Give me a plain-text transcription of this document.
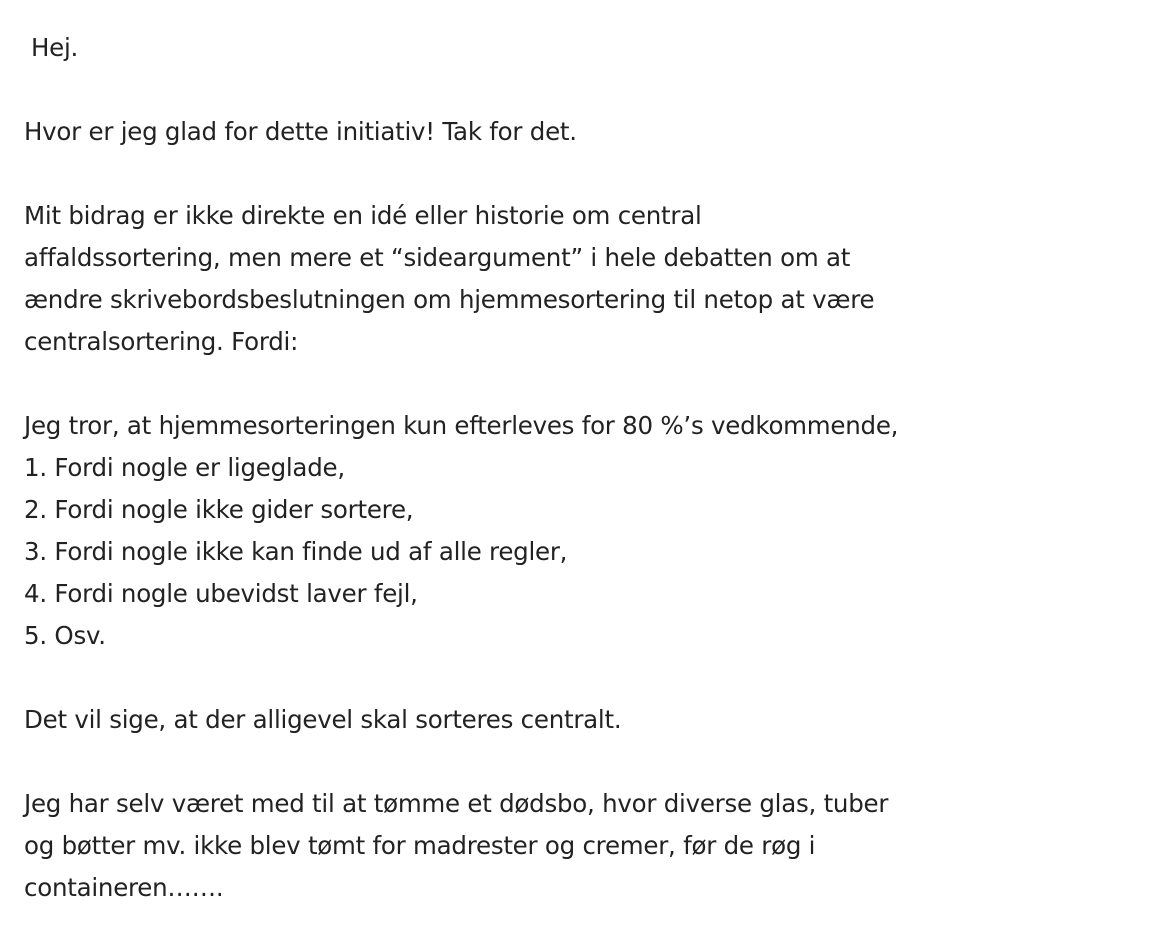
Hej.

Hvor er jeg glad for dette initiativ! Tak for det.

Mit bidrag er ikke direkte en idé eller historie om central
affaldssortering, men mere et “sideargument” i hele debatten om at
ændre skrivebordsbeslutningen om hjemmesortering til netop at være
centralsortering. Fordi:
Jeg tror, at hjemmesorteringen kun efterleves for 80 %’s vedkommende,
1. Fordi nogle er ligeglade,
2. Fordi nogle ikke gider sortere,
3. Fordi nogle ikke kan finde ud af alle regler,
4. Fordi nogle ubevidst laver fejl,
5. Osv.

Det vil sige, at der alligevel skal sorteres centralt.

Jeg har selv været med til at tømme et dødsbo, hvor diverse glas, tuber
og bøtter mv. ikke blev tømt for madrester og cremer, før de røg i
containeren…….
